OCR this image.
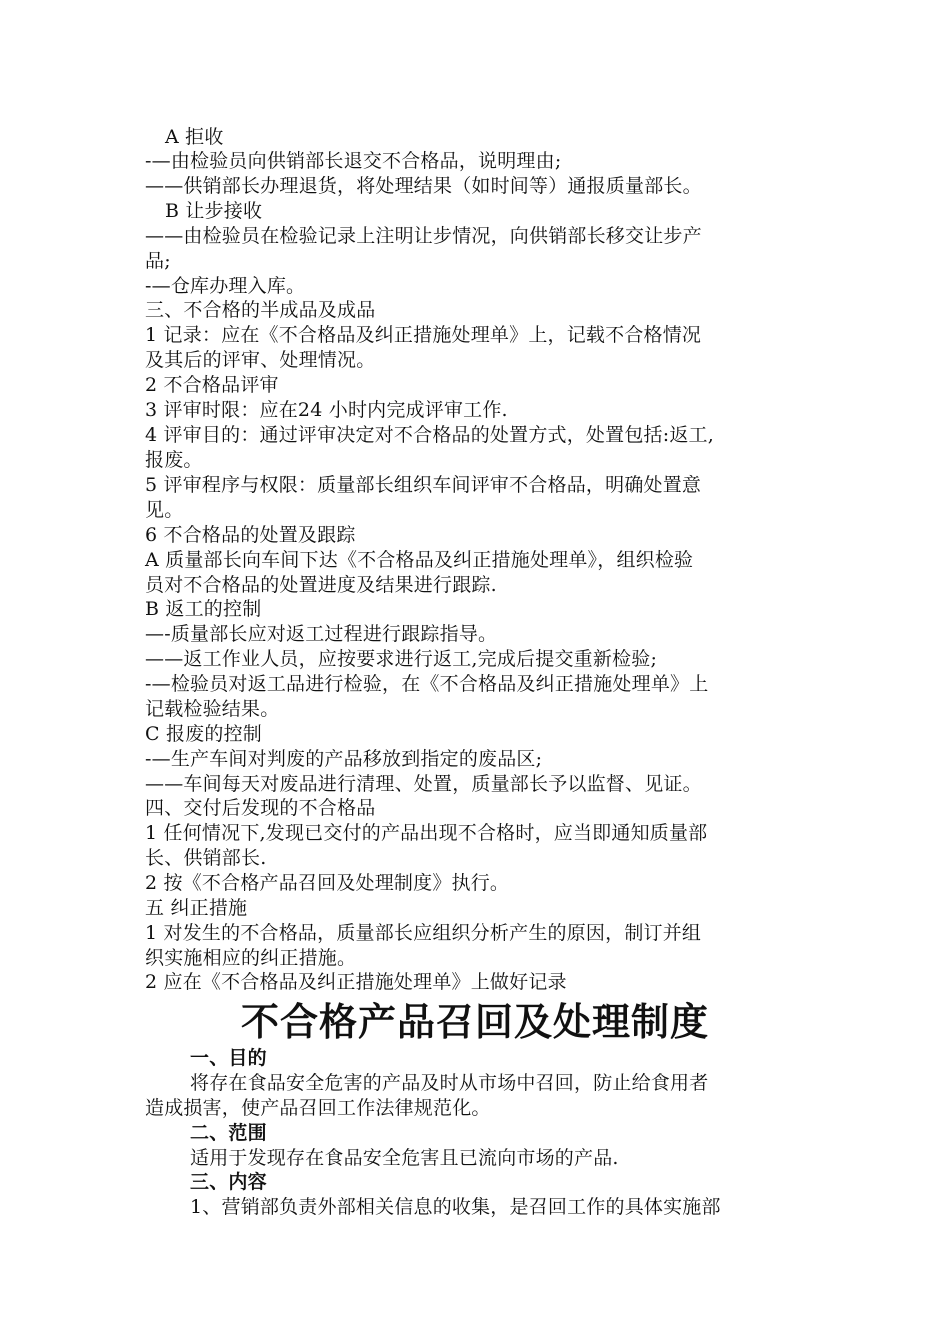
A 拒收
-—由检验员向供销部长退交不合格品，说明理由;
——供销部长办理退货，将处理结果（如时间等）通报质量部长。
B 让步接收
——由检验员在检验记录上注明让步情况，向供销部长移交让步产
品;
-—仓库办理入库。
三、不合格的半成品及成品
1 记录：应在《不合格品及纠正措施处理单》上，记载不合格情况
及其后的评审、处理情况。
2 不合格品评审
3 评审时限：应在24 小时内完成评审工作.
4 评审目的：通过评审决定对不合格品的处置方式，处置包括:返工,
报废。
5 评审程序与权限：质量部长组织车间评审不合格品，明确处置意
见。
6 不合格品的处置及跟踪
A 质量部长向车间下达《不合格品及纠正措施处理单》，组织检验
员对不合格品的处置进度及结果进行跟踪.
B 返工的控制
—-质量部长应对返工过程进行跟踪指导。
——返工作业人员，应按要求进行返工,完成后提交重新检验;
-—检验员对返工品进行检验，在《不合格品及纠正措施处理单》上
记载检验结果。
C 报废的控制
-—生产车间对判废的产品移放到指定的废品区;
——车间每天对废品进行清理、处置，质量部长予以监督、见证。
四、交付后发现的不合格品
1 任何情况下,发现已交付的产品出现不合格时，应当即通知质量部
长、供销部长.
2 按《不合格产品召回及处理制度》执行。
五 纠正措施
1 对发生的不合格品，质量部长应组织分析产生的原因，制订并组
织实施相应的纠正措施。
2 应在《不合格品及纠正措施处理单》上做好记录
不合格产品召回及处理制度
一、目的
将存在食品安全危害的产品及时从市场中召回，防止给食用者
造成损害，使产品召回工作法律规范化。
二、范围
适用于发现存在食品安全危害且已流向市场的产品.
三、内容
1、营销部负责外部相关信息的收集，是召回工作的具体实施部
